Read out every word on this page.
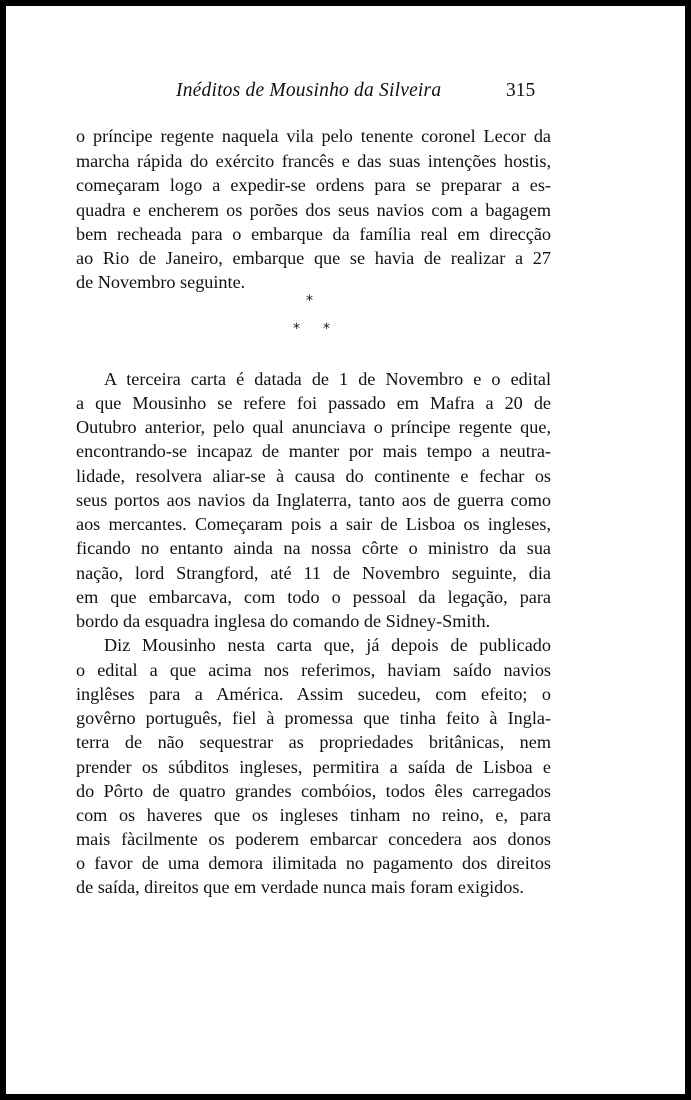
Inéditos de Mousinho da Silveira	315
o príncipe regente naquela vila pelo tenente coronel Lecor da
marcha rápida do exército francês e das suas intenções hostis,
começaram logo a expedir-se ordens para se preparar a es-
quadra e encherem os porões dos seus navios com a bagagem
bem recheada para o embarque da família real em direcção
ao Rio de Janeiro, embarque que se havia de realizar a 27
de Novembro seguinte.
A terceira carta é datada de 1 de Novembro e o edital
a que Mousinho se refere foi passado em Mafra a 20 de
Outubro anterior, pelo qual anunciava o príncipe regente que,
encontrando-se incapaz de manter por mais tempo a neutra-
lidade, resolvera aliar-se à causa do continente e fechar os
seus portos aos navios da Inglaterra, tanto aos de guerra como
aos mercantes. Começaram pois a sair de Lisboa os ingleses,
ficando no entanto ainda na nossa côrte o ministro da sua
nação, lord Strangford, até 11 de Novembro seguinte, dia
em que embarcava, com todo o pessoal da legação, para
bordo da esquadra inglesa do comando de Sidney-Smith.
Diz Mousinho nesta carta que, já depois de publicado
o edital a que acima nos referimos, haviam saído navios
inglêses para a América. Assim sucedeu, com efeito; o
govêrno português, fiel à promessa que tinha feito à Ingla-
terra de não sequestrar as propriedades britânicas, nem
prender os súbditos ingleses, permitira a saída de Lisboa e
do Pôrto de quatro grandes combóios, todos êles carregados
com os haveres que os ingleses tinham no reino, e, para
mais fàcilmente os poderem embarcar concedera aos donos
o favor de uma demora ilimitada no pagamento dos direitos
de saída, direitos que em verdade nunca mais foram exigidos.
*
* *
